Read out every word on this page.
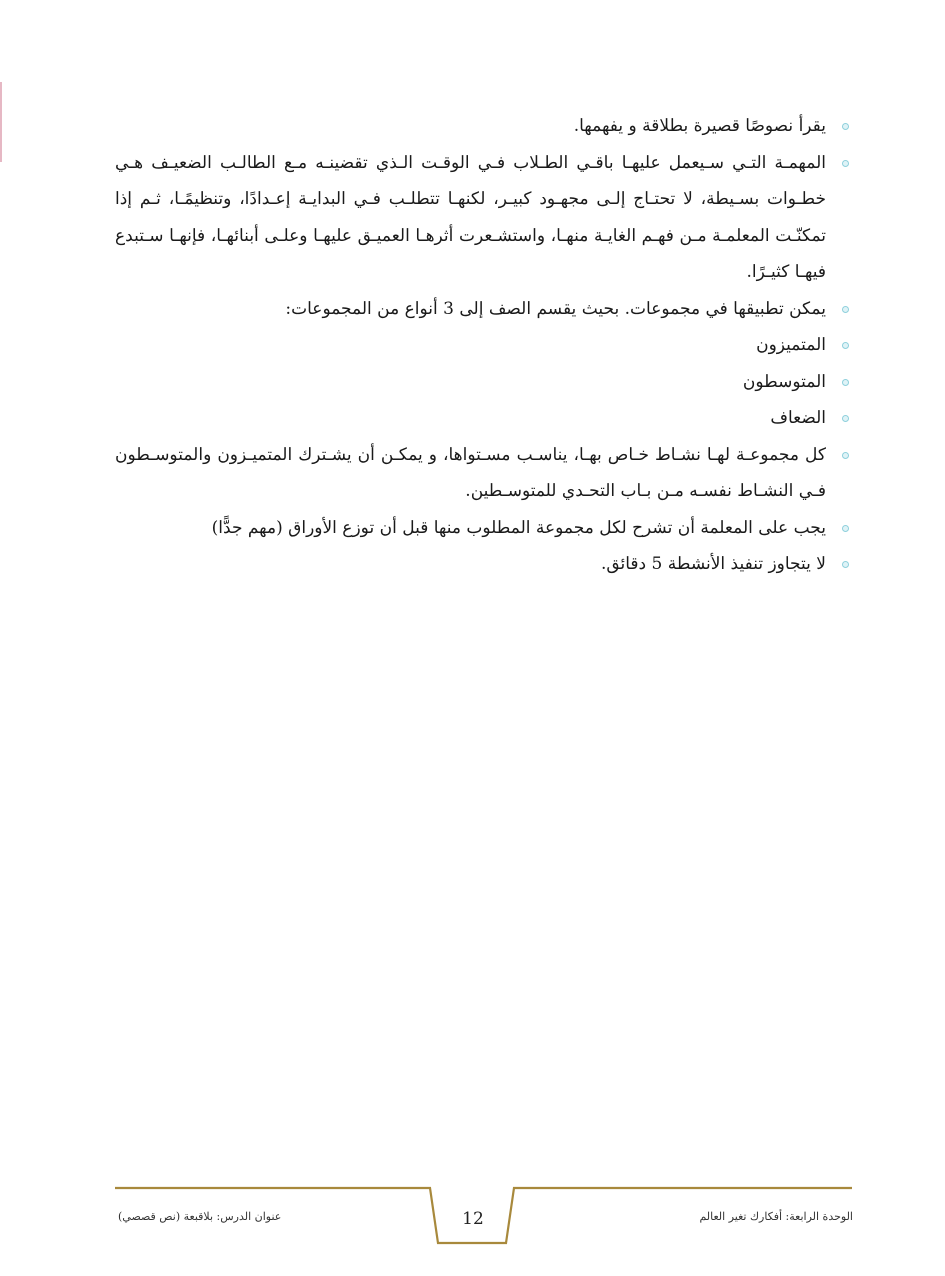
يقرأ نصوصًا قصيرة بطلاقة و يفهمها.
المهمـة التـي سـيعمل عليهـا باقـي الطـلاب فـي الوقـت الـذي تقضينـه مـع الطالـب الضعيـف هـي خطـوات بسـيطة، لا تحتـاج إلـى مجهـود كبيـر، لكنهـا تتطلـب فـي البدايـة إعـدادًا، وتنظيمًـا، ثـم إذا تمكنّـت المعلمـة مـن فهـم الغايـة منهـا، واستشـعرت أثرهـا العميـق عليهـا وعلـى أبنائهـا، فإنهـا سـتبدع فيهـا كثيـرًا.
يمكن تطبيقها في مجموعات. بحيث يقسم الصف إلى 3 أنواع من المجموعات:
المتميزون
المتوسطون
الضعاف
كل مجموعـة لهـا نشـاط خـاص بهـا، يناسـب مسـتواها، و يمكـن أن يشـترك المتميـزون والمتوسـطون فـي النشـاط نفسـه مـن بـاب التحـدي للمتوسـطين.
يجب على المعلمة أن تشرح لكل مجموعة المطلوب منها قبل أن توزع الأوراق (مهم جدًّا)
لا يتجاوز تنفيذ الأنشطة 5 دقائق.
عنوان الدرس: بلاقبعة (نص قصصي)	12	الوحدة الرابعة: أفكارك تغير العالم
